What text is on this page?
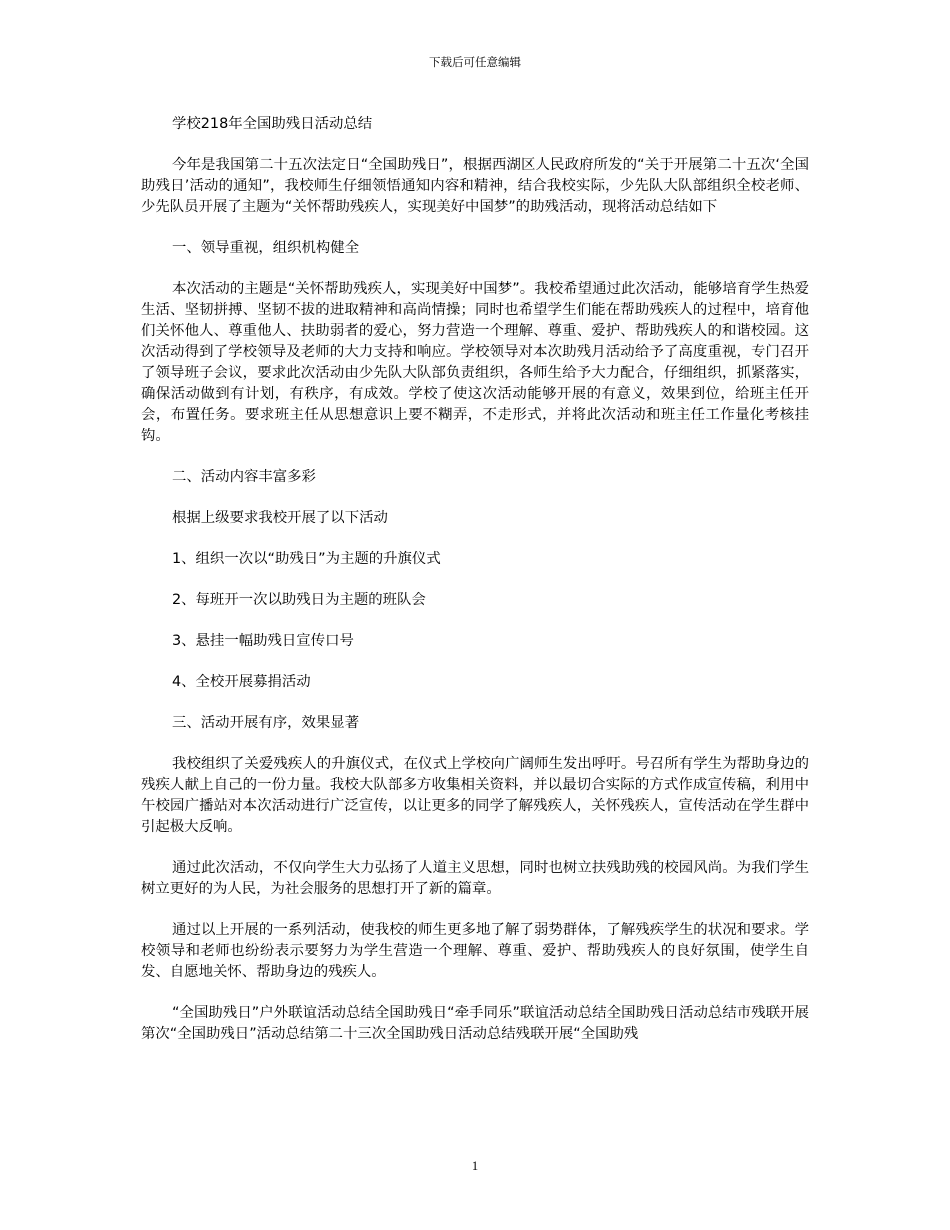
下载后可任意编辑

学校218年全国助残日活动总结

今年是我国第二十五次法定日“全国助残日”，根据西湖区人民政府所发的“关于开展第二十五次‘全国助残日’活动的通知”，我校师生仔细领悟通知内容和精神，结合我校实际，少先队大队部组织全校老师、少先队员开展了主题为“关怀帮助残疾人，实现美好中国梦”的助残活动，现将活动总结如下

一、领导重视，组织机构健全

本次活动的主题是“关怀帮助残疾人，实现美好中国梦”。我校希望通过此次活动，能够培育学生热爱生活、坚韧拼搏、坚韧不拔的进取精神和高尚情操；同时也希望学生们能在帮助残疾人的过程中，培育他们关怀他人、尊重他人、扶助弱者的爱心，努力营造一个理解、尊重、爱护、帮助残疾人的和谐校园。这次活动得到了学校领导及老师的大力支持和响应。学校领导对本次助残月活动给予了高度重视，专门召开了领导班子会议，要求此次活动由少先队大队部负责组织，各师生给予大力配合，仔细组织，抓紧落实，确保活动做到有计划，有秩序，有成效。学校了使这次活动能够开展的有意义，效果到位，给班主任开会，布置任务。要求班主任从思想意识上要不糊弄，不走形式，并将此次活动和班主任工作量化考核挂钩。

二、活动内容丰富多彩

根据上级要求我校开展了以下活动

1、组织一次以“助残日”为主题的升旗仪式

2、每班开一次以助残日为主题的班队会

3、悬挂一幅助残日宣传口号

4、全校开展募捐活动

三、活动开展有序，效果显著

我校组织了关爱残疾人的升旗仪式，在仪式上学校向广阔师生发出呼吁。号召所有学生为帮助身边的残疾人献上自己的一份力量。我校大队部多方收集相关资料，并以最切合实际的方式作成宣传稿，利用中午校园广播站对本次活动进行广泛宣传，以让更多的同学了解残疾人，关怀残疾人，宣传活动在学生群中引起极大反响。

通过此次活动，不仅向学生大力弘扬了人道主义思想，同时也树立扶残助残的校园风尚。为我们学生树立更好的为人民，为社会服务的思想打开了新的篇章。

通过以上开展的一系列活动，使我校的师生更多地了解了弱势群体，了解残疾学生的状况和要求。学校领导和老师也纷纷表示要努力为学生营造一个理解、尊重、爱护、帮助残疾人的良好氛围，使学生自发、自愿地关怀、帮助身边的残疾人。

“全国助残日”户外联谊活动总结全国助残日“牵手同乐”联谊活动总结全国助残日活动总结市残联开展第次“全国助残日”活动总结第二十三次全国助残日活动总结残联开展“全国助残

1
